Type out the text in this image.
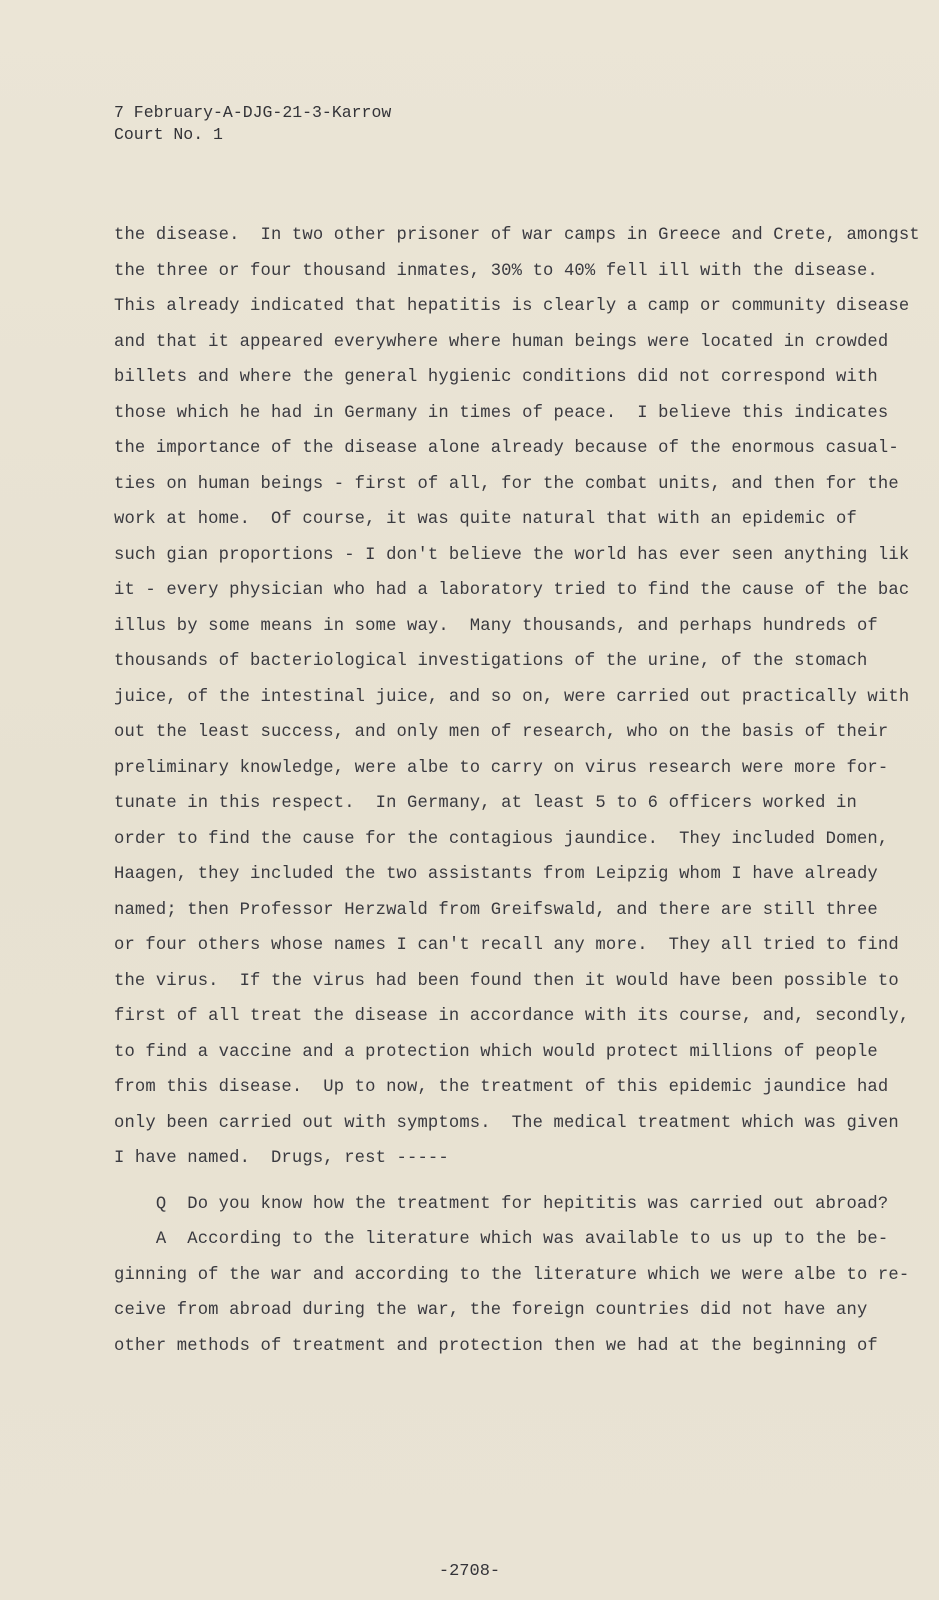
7 February-A-DJG-21-3-Karrow
Court No. 1
the disease.  In two other prisoner of war camps in Greece and Crete, amongst
the three or four thousand inmates, 30% to 40% fell ill with the disease.
This already indicated that hepatitis is clearly a camp or community disease
and that it appeared everywhere where human beings were located in crowded
billets and where the general hygienic conditions did not correspond with
those which he had in Germany in times of peace.  I believe this indicates
the importance of the disease alone already because of the enormous casual-
ties on human beings - first of all, for the combat units, and then for the
work at home.  Of course, it was quite natural that with an epidemic of
such gian proportions - I don't believe the world has ever seen anything lik
it - every physician who had a laboratory tried to find the cause of the bac
illus by some means in some way.  Many thousands, and perhaps hundreds of
thousands of bacteriological investigations of the urine, of the stomach
juice, of the intestinal juice, and so on, were carried out practically with
out the least success, and only men of research, who on the basis of their
preliminary knowledge, were albe to carry on virus research were more for-
tunate in this respect.  In Germany, at least 5 to 6 officers worked in
order to find the cause for the contagious jaundice.  They included Domen,
Haagen, they included the two assistants from Leipzig whom I have already
named; then Professor Herzwald from Greifswald, and there are still three
or four others whose names I can't recall any more.  They all tried to find
the virus.  If the virus had been found then it would have been possible to
first of all treat the disease in accordance with its course, and, secondly,
to find a vaccine and a protection which would protect millions of people
from this disease.  Up to now, the treatment of this epidemic jaundice had
only been carried out with symptoms.  The medical treatment which was given
I have named.  Drugs, rest -----
Q  Do you know how the treatment for hepititis was carried out abroad?
A  According to the literature which was available to us up to the be-
ginning of the war and according to the literature which we were albe to re-
ceive from abroad during the war, the foreign countries did not have any
other methods of treatment and protection then we had at the beginning of
-2708-
